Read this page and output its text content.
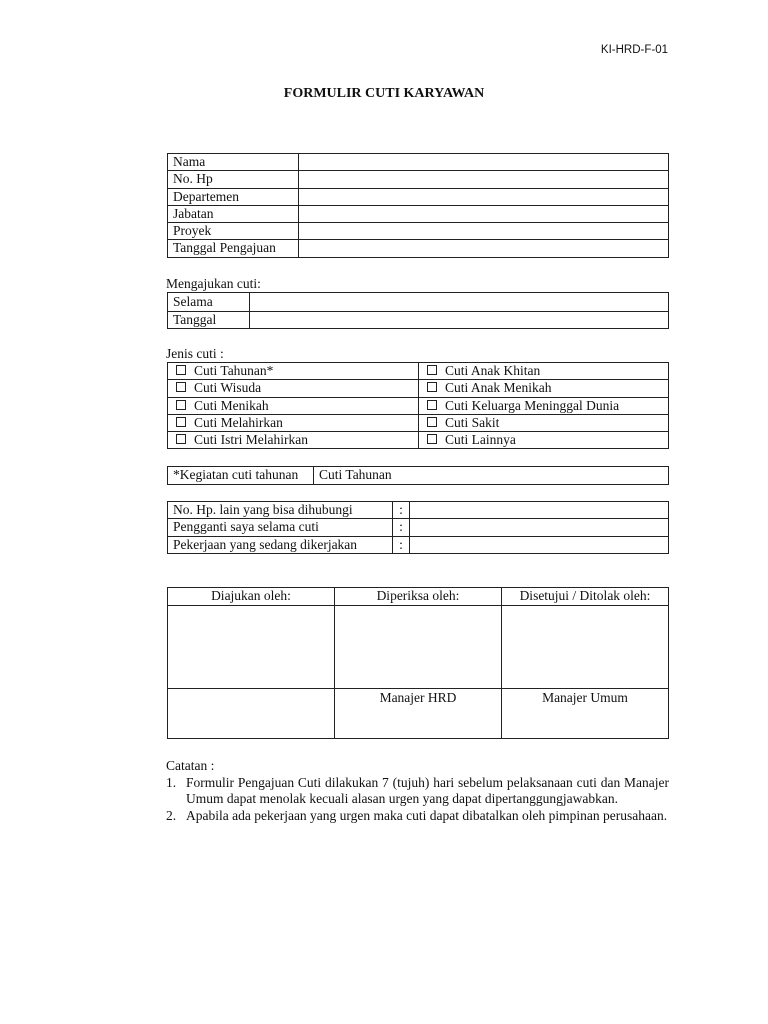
KI-HRD-F-01
FORMULIR CUTI KARYAWAN
Nama	
No. Hp	
Departemen	
Jabatan	
Proyek	
Tanggal Pengajuan	
Mengajukan cuti:
Selama	
Tanggal	
Jenis cuti :
Cuti Tahunan*	Cuti Anak Khitan
Cuti Wisuda	Cuti Anak Menikah
Cuti Menikah	Cuti Keluarga Meninggal Dunia
Cuti Melahirkan	Cuti Sakit
Cuti Istri Melahirkan	Cuti Lainnya
*Kegiatan cuti tahunan	Cuti Tahunan
No. Hp. lain yang bisa dihubungi	:	
Pengganti saya selama cuti	:	
Pekerjaan yang sedang dikerjakan	:	
Diajukan oleh:	Diperiksa oleh:	Disetujui / Ditolak oleh:

	Manajer HRD	Manajer Umum
Catatan :
1. Formulir Pengajuan Cuti dilakukan 7 (tujuh) hari sebelum pelaksanaan cuti dan Manajer Umum dapat menolak kecuali alasan urgen yang dapat dipertanggungjawabkan.
2. Apabila ada pekerjaan yang urgen maka cuti dapat dibatalkan oleh pimpinan perusahaan.
